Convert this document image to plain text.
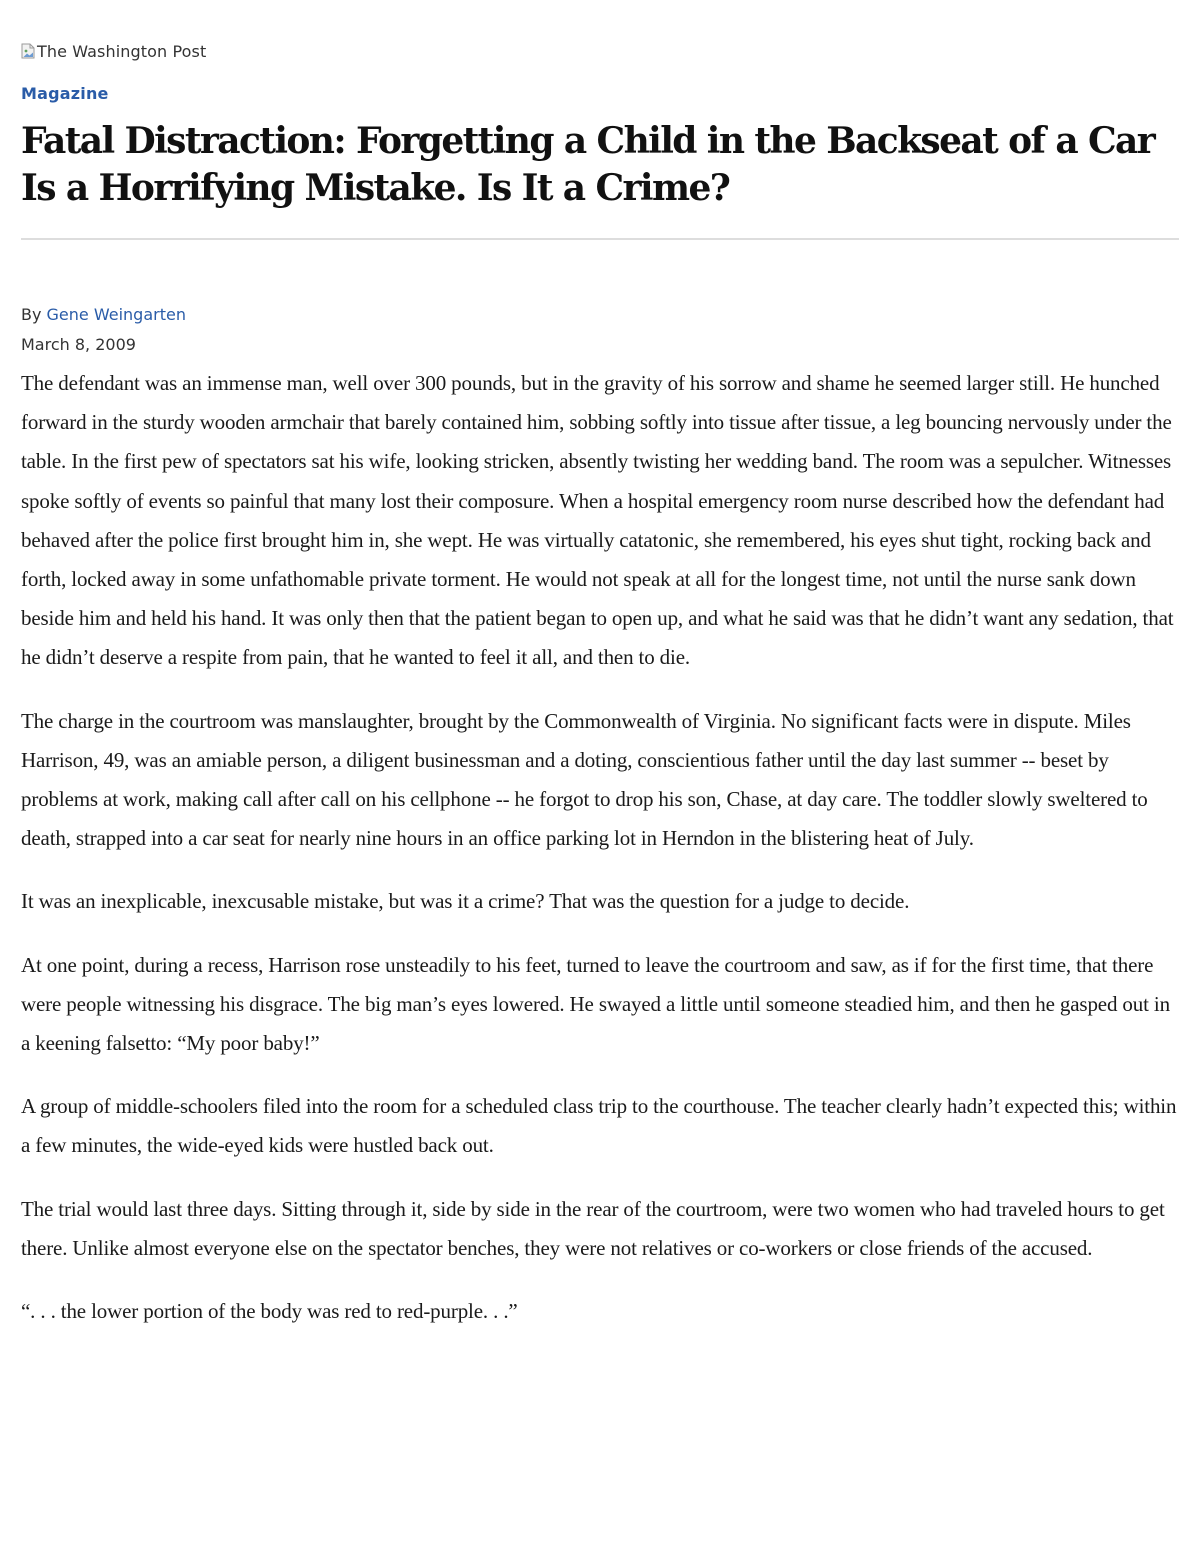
The Washington Post
Magazine
Fatal Distraction: Forgetting a Child in the Backseat of a Car Is a Horrifying Mistake. Is It a Crime?
By Gene Weingarten
March 8, 2009

The defendant was an immense man, well over 300 pounds, but in the gravity of his sorrow and shame he seemed larger still. He hunched forward in the sturdy wooden armchair that barely contained him, sobbing softly into tissue after tissue, a leg bouncing nervously under the table. In the first pew of spectators sat his wife, looking stricken, absently twisting her wedding band. The room was a sepulcher. Witnesses spoke softly of events so painful that many lost their composure. When a hospital emergency room nurse described how the defendant had behaved after the police first brought him in, she wept. He was virtually catatonic, she remembered, his eyes shut tight, rocking back and forth, locked away in some unfathomable private torment. He would not speak at all for the longest time, not until the nurse sank down beside him and held his hand. It was only then that the patient began to open up, and what he said was that he didn’t want any sedation, that he didn’t deserve a respite from pain, that he wanted to feel it all, and then to die.

The charge in the courtroom was manslaughter, brought by the Commonwealth of Virginia. No significant facts were in dispute. Miles Harrison, 49, was an amiable person, a diligent businessman and a doting, conscientious father until the day last summer -- beset by problems at work, making call after call on his cellphone -- he forgot to drop his son, Chase, at day care. The toddler slowly sweltered to death, strapped into a car seat for nearly nine hours in an office parking lot in Herndon in the blistering heat of July.

It was an inexplicable, inexcusable mistake, but was it a crime? That was the question for a judge to decide.

At one point, during a recess, Harrison rose unsteadily to his feet, turned to leave the courtroom and saw, as if for the first time, that there were people witnessing his disgrace. The big man’s eyes lowered. He swayed a little until someone steadied him, and then he gasped out in a keening falsetto: “My poor baby!”

A group of middle-schoolers filed into the room for a scheduled class trip to the courthouse. The teacher clearly hadn’t expected this; within a few minutes, the wide-eyed kids were hustled back out.

The trial would last three days. Sitting through it, side by side in the rear of the courtroom, were two women who had traveled hours to get there. Unlike almost everyone else on the spectator benches, they were not relatives or co-workers or close friends of the accused.

“. . . the lower portion of the body was red to red-purple. . .”
